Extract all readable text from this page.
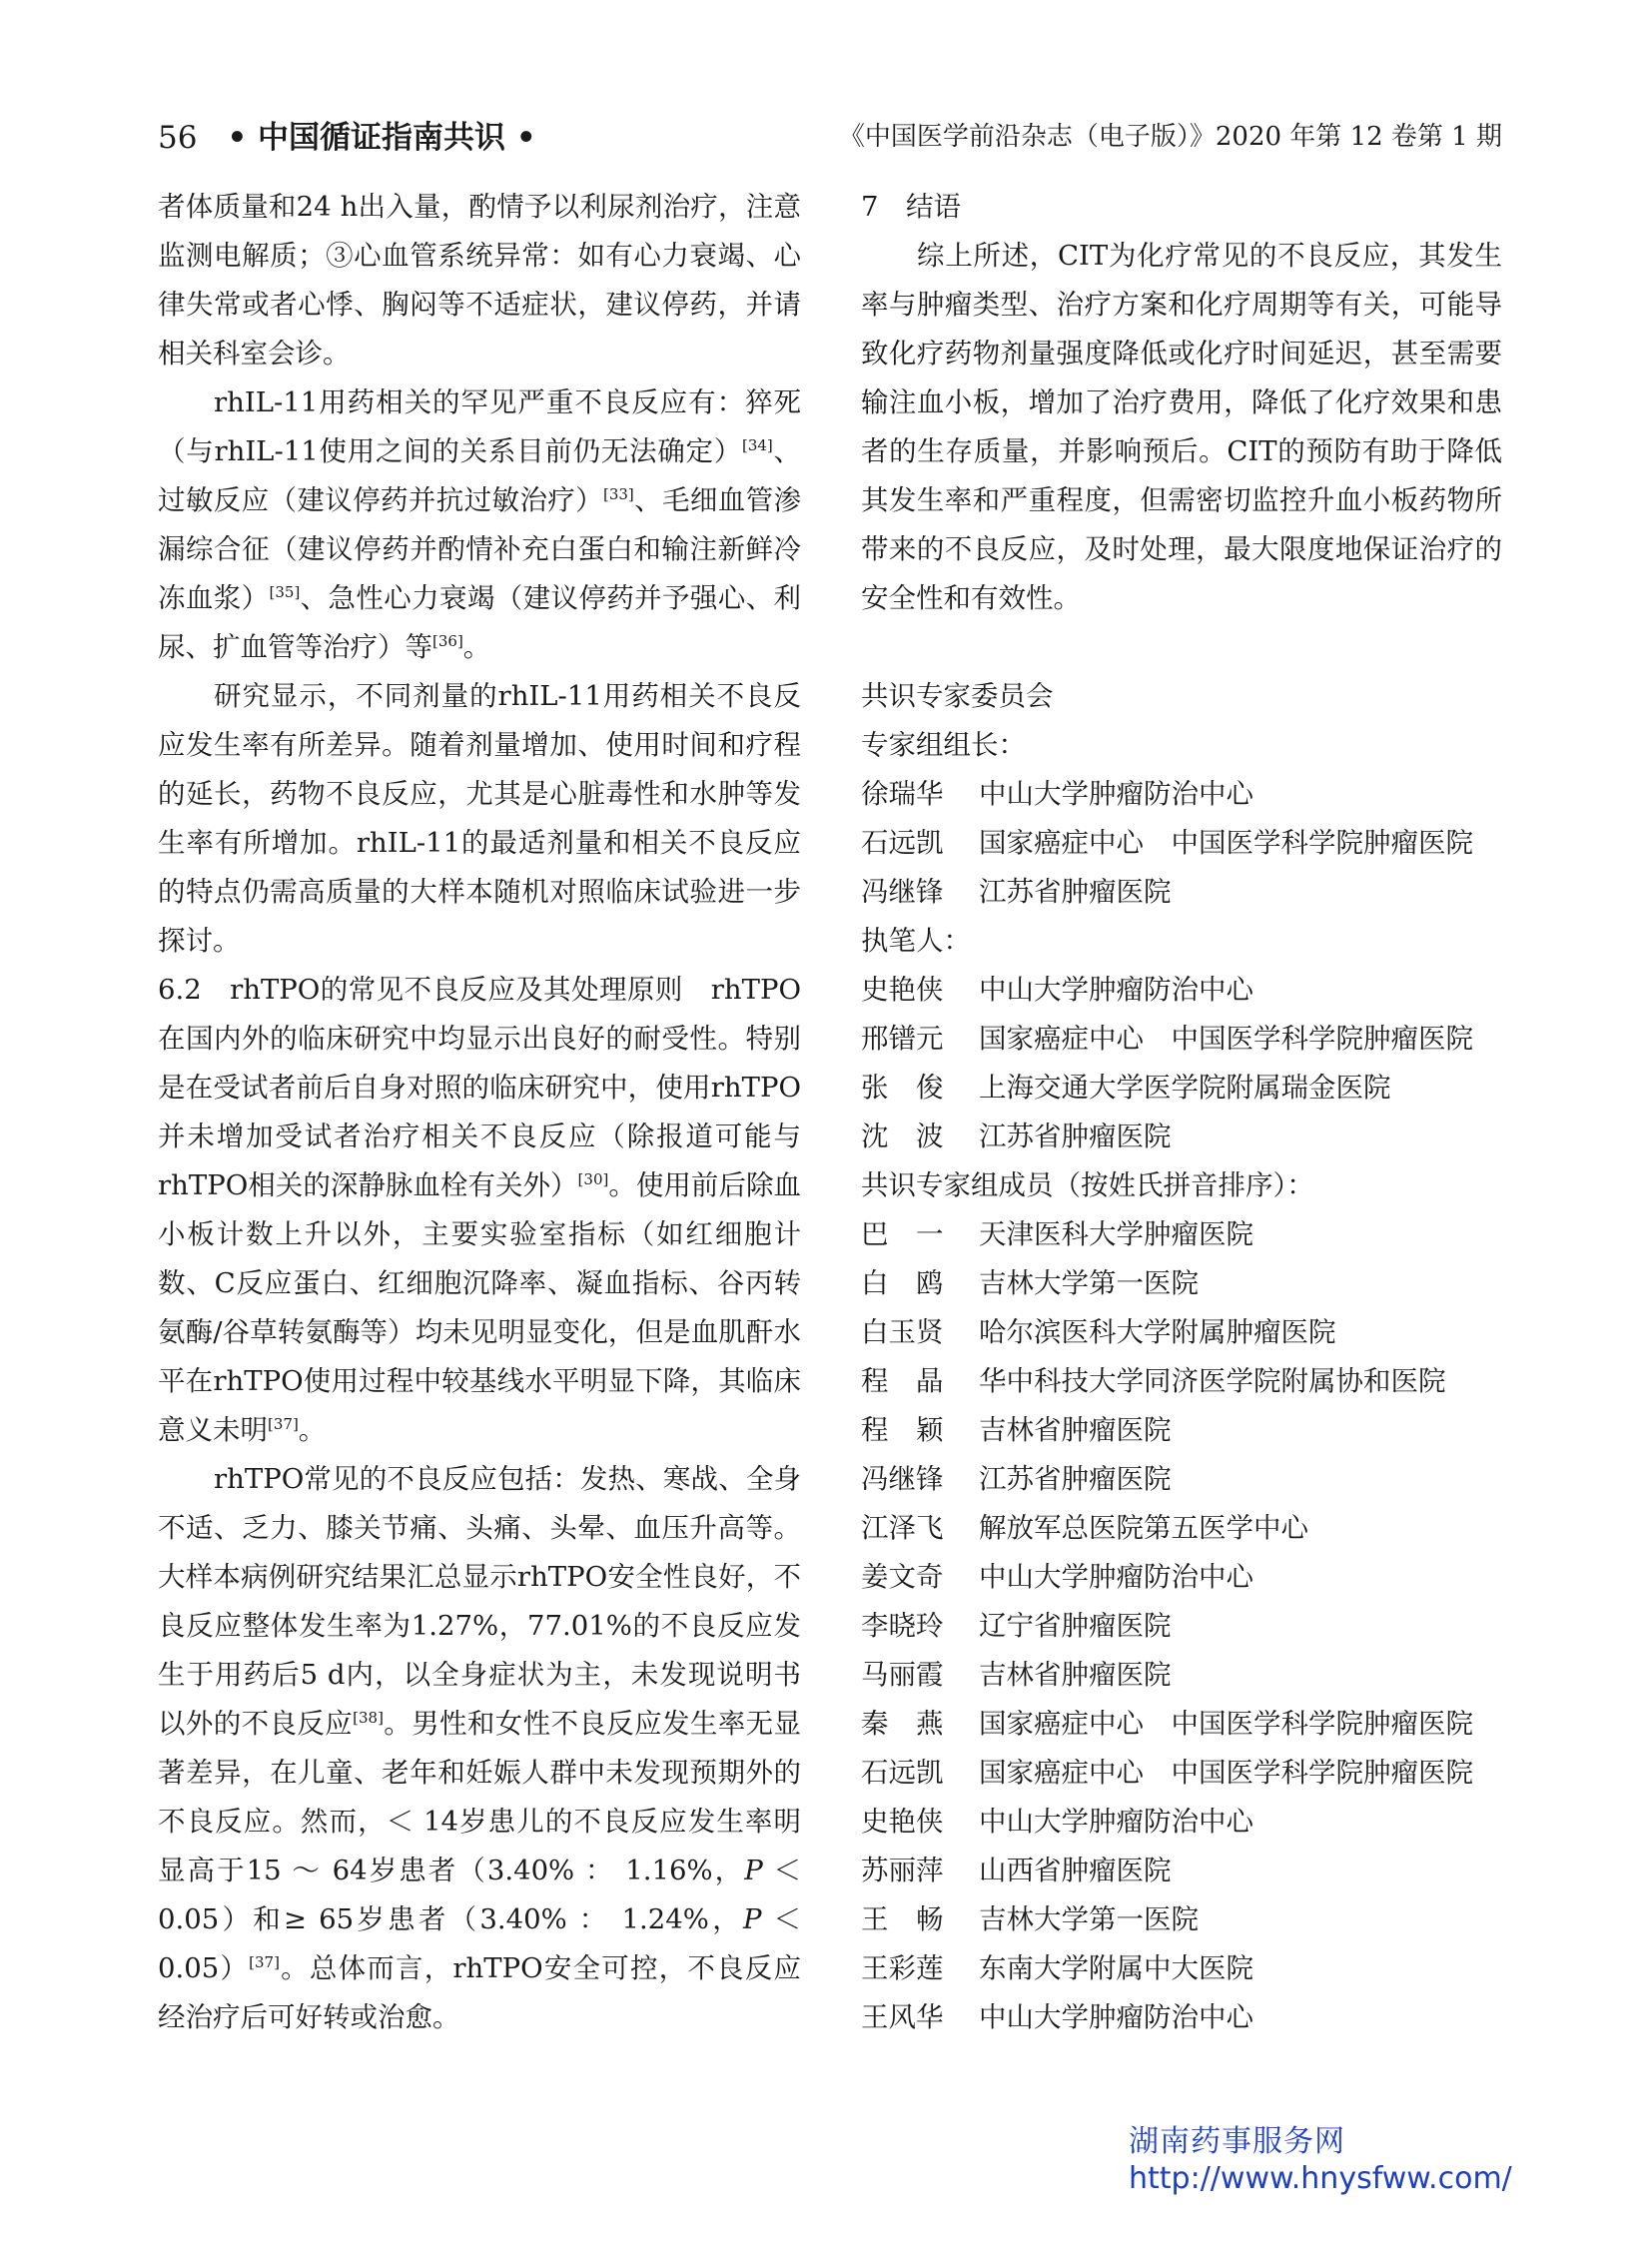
56 • 中国循证指南共识 •	《中国医学前沿杂志（电子版）》2020 年第 12 卷第 1 期

者体质量和24 h出入量，酌情予以利尿剂治疗，注意监测电解质；③心血管系统异常：如有心力衰竭、心律失常或者心悸、胸闷等不适症状，建议停药，并请相关科室会诊。

rhIL-11用药相关的罕见严重不良反应有：猝死（与rhIL-11使用之间的关系目前仍无法确定）[34]、过敏反应（建议停药并抗过敏治疗）[33]、毛细血管渗漏综合征（建议停药并酌情补充白蛋白和输注新鲜冷冻血浆）[35]、急性心力衰竭（建议停药并予强心、利尿、扩血管等治疗）等[36]。

研究显示，不同剂量的rhIL-11用药相关不良反应发生率有所差异。随着剂量增加、使用时间和疗程的延长，药物不良反应，尤其是心脏毒性和水肿等发生率有所增加。rhIL-11的最适剂量和相关不良反应的特点仍需高质量的大样本随机对照临床试验进一步探讨。

6.2　rhTPO的常见不良反应及其处理原则　rhTPO在国内外的临床研究中均显示出良好的耐受性。特别是在受试者前后自身对照的临床研究中，使用rhTPO并未增加受试者治疗相关不良反应（除报道可能与rhTPO相关的深静脉血栓有关外）[30]。使用前后除血小板计数上升以外，主要实验室指标（如红细胞计数、C反应蛋白、红细胞沉降率、凝血指标、谷丙转氨酶/谷草转氨酶等）均未见明显变化，但是血肌酐水平在rhTPO使用过程中较基线水平明显下降，其临床意义未明[37]。

rhTPO常见的不良反应包括：发热、寒战、全身不适、乏力、膝关节痛、头痛、头晕、血压升高等。大样本病例研究结果汇总显示rhTPO安全性良好，不良反应整体发生率为1.27%，77.01%的不良反应发生于用药后5 d内，以全身症状为主，未发现说明书以外的不良反应[38]。男性和女性不良反应发生率无显著差异，在儿童、老年和妊娠人群中未发现预期外的不良反应。然而，＜ 14岁患儿的不良反应发生率明显高于15 ～ 64岁患者（3.40% ： 1.16%，P ＜ 0.05）和≥ 65岁患者（3.40% ： 1.24%，P ＜ 0.05）[37]。总体而言，rhTPO安全可控，不良反应经治疗后可好转或治愈。

7　结语

综上所述，CIT为化疗常见的不良反应，其发生率与肿瘤类型、治疗方案和化疗周期等有关，可能导致化疗药物剂量强度降低或化疗时间延迟，甚至需要输注血小板，增加了治疗费用，降低了化疗效果和患者的生存质量，并影响预后。CIT的预防有助于降低其发生率和严重程度，但需密切监控升血小板药物所带来的不良反应，及时处理，最大限度地保证治疗的安全性和有效性。

共识专家委员会
专家组组长：
徐瑞华	中山大学肿瘤防治中心
石远凯	国家癌症中心　中国医学科学院肿瘤医院
冯继锋	江苏省肿瘤医院
执笔人：
史艳侠	中山大学肿瘤防治中心
邢镨元	国家癌症中心　中国医学科学院肿瘤医院
张　俊	上海交通大学医学院附属瑞金医院
沈　波	江苏省肿瘤医院
共识专家组成员（按姓氏拼音排序）：
巴　一	天津医科大学肿瘤医院
白　鸥	吉林大学第一医院
白玉贤	哈尔滨医科大学附属肿瘤医院
程　晶	华中科技大学同济医学院附属协和医院
程　颖	吉林省肿瘤医院
冯继锋	江苏省肿瘤医院
江泽飞	解放军总医院第五医学中心
姜文奇	中山大学肿瘤防治中心
李晓玲	辽宁省肿瘤医院
马丽霞	吉林省肿瘤医院
秦　燕	国家癌症中心　中国医学科学院肿瘤医院
石远凯	国家癌症中心　中国医学科学院肿瘤医院
史艳侠	中山大学肿瘤防治中心
苏丽萍	山西省肿瘤医院
王　畅	吉林大学第一医院
王彩莲	东南大学附属中大医院
王风华	中山大学肿瘤防治中心
湖南药事服务网
http://www.hnysfww.com/
